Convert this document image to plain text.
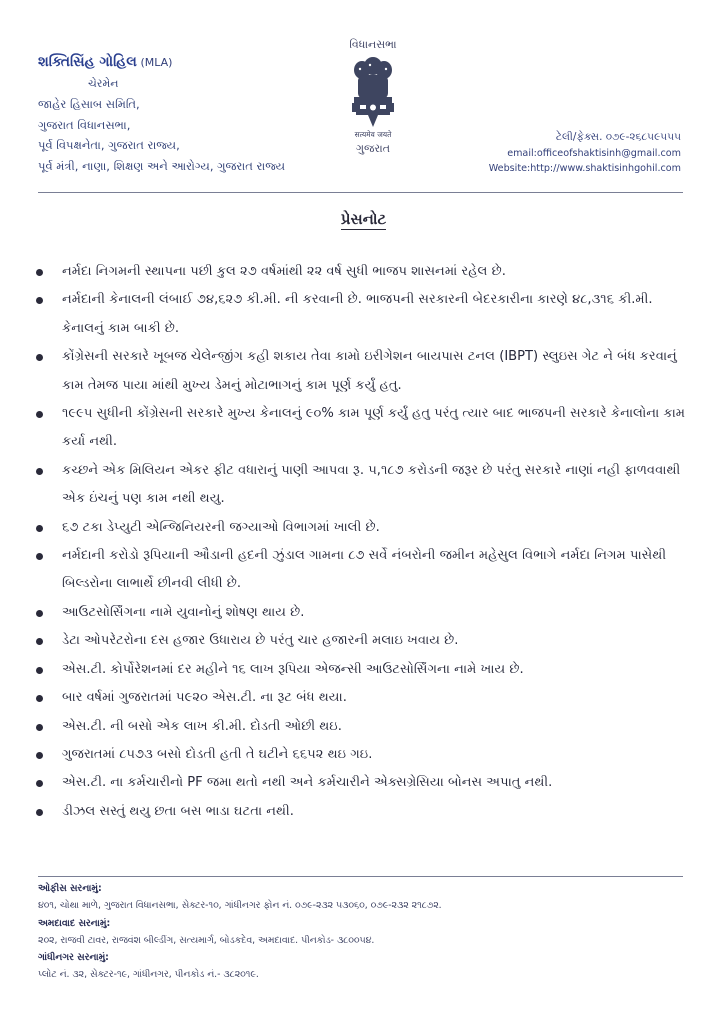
શક્તિસિંહ ગોહિલ (MLA)
ચેરમેન
જાહેર હિસાબ સમિતિ,
ગુજરાત વિધાનસભા,
પૂર્વ વિપક્ષનેતા, ગુજરાત રાજ્ય,
પૂર્વ મંત્રી, નાણા, શિક્ષણ અને આરોગ્ય, ગુજરાત રાજ્ય
વિધાનસભા
सत्यमेव जयते
ગુજરાત
ટેલી/ફેક્સ. ૦૭૯-૨૬૮૫૯૫૫૫
email:officeofshaktisinh@gmail.com
Website:http://www.shaktisinhgohil.com
પ્રેસનોટ
નર્મદા નિગમની સ્થાપના પછી કુલ ૨૭ વર્ષમાંથી ૨૨ વર્ષ સુધી ભાજપ શાસનમાં રહેલ છે.
નર્મદાની કેનાલની લંબાઈ ૭૪,૬૨૭ કી.મી. ની કરવાની છે. ભાજપની સરકારની બેદરકારીના કારણે ૪૮,૩૧૬ કી.મી. કેનાલનું કામ બાકી છે.
કોંગ્રેસની સરકારે ખૂબજ ચેલેન્જીંગ કહી શકાય તેવા કામો ઇરીગેશન બાયપાસ ટનલ (IBPT) સ્લુઇસ ગેટ ને બંધ કરવાનું કામ તેમજ પાયા માંથી મુખ્ય ડેમનું મોટાભાગનું કામ પૂર્ણ કર્યું હતુ.
૧૯૯૫ સુધીની કોંગ્રેસની સરકારે મુખ્ય કેનાલનું ૯૦% કામ પૂર્ણ કર્યું હતુ પરંતુ ત્યાર બાદ ભાજપની સરકારે કેનાલોના કામ કર્યા નથી.
કચ્છને એક મિલિયન એકર ફીટ વધારાનું પાણી આપવા રૂ. ૫,૧૮૭ કરોડની જરૂર છે પરંતુ સરકારે નાણાં નહી ફાળવવાથી એક ઇંચનું પણ કામ નથી થયુ.
૬૭ ટકા ડેપ્યુટી એન્જિનિયરની જગ્યાઓ વિભાગમાં ખાલી છે.
નર્મદાની કરોડો રૂપિયાની ઔડાની હદની ઝુંડાલ ગામના ૮૭ સર્વે નંબરોની જમીન મહેસુલ વિભાગે નર્મદા નિગમ પાસેથી બિલ્ડરોના લાભાર્થે છીનવી લીધી છે.
આઉટસોર્સિંગના નામે યુવાનોનું શોષણ થાય છે.
ડેટા ઓપરેટરોના દસ હજાર ઉધારાય છે પરંતુ ચાર હજારની મલાઇ ખવાય છે.
એસ.ટી. કોર્પોરેશનમાં દર મહીને ૧૬ લાખ રૂપિયા એજન્સી આઉટસોર્સિંગના નામે ખાય છે.
બાર વર્ષમાં ગુજરાતમાં ૫૯૨૦ એસ.ટી. ના રૂટ બંધ થયા.
એસ.ટી. ની બસો એક લાખ કી.મી. દોડતી ઓછી થઇ.
ગુજરાતમાં ૮૫૭૩ બસો દોડતી હતી તે ઘટીને ૬૬૫૨ થઇ ગઇ.
એસ.ટી. ના કર્મચારીનો PF જમા થતો નથી અને કર્મચારીને એક્સગ્રેસિયા બોનસ અપાતુ નથી.
ડીઝલ સસ્તું થયુ છતા બસ ભાડા ઘટતા નથી.
ઓફીસ સરનામું:
૪૦૧, ચોથા માળે, ગુજરાત વિધાનસભા, સેક્ટર-૧૦, ગાંધીનગર ફોન નં. ૦૭૯-૨૩૨ ૫૩૦૬૦, ૦૭૯-૨૩૨ ૨૧૮૭૨.
અમદાવાદ સરનામું:
૨૦૨, રાજવી ટાવર, રાજવંશ બીલ્ડીંગ, સત્યમાર્ગ, બોડકદેવ, અમદાવાદ. પીનકોડ- ૩૮૦૦૫૪.
ગાંધીનગર સરનામું:
પ્લોટ નં. ૩૨, સેક્ટર-૧૯, ગાંધીનગર, પીનકોડ નં.- ૩૮૨૦૧૯.
